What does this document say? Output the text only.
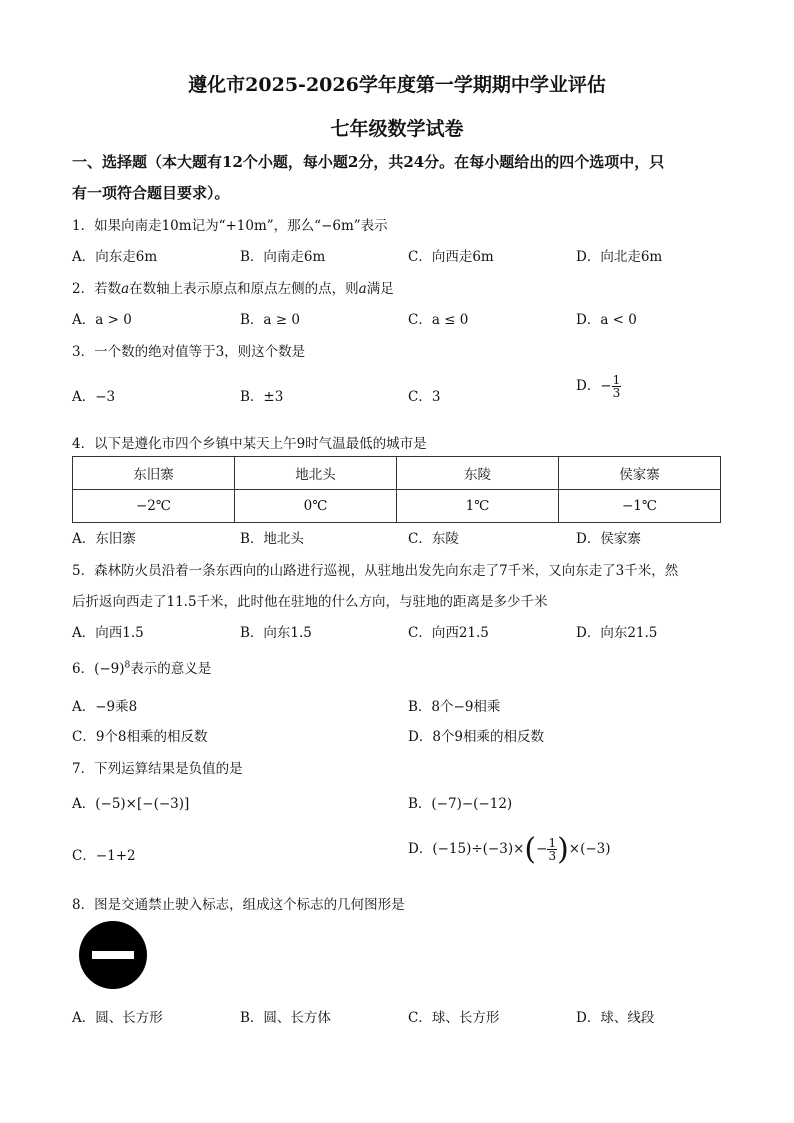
遵化市2025-2026学年度第一学期期中学业评估
七年级数学试卷
一、选择题（本大题有12个小题，每小题2分，共24分。在每小题给出的四个选项中，只
有一项符合题目要求）。
1．如果向南走10m记为“+10m”，那么“−6m”表示
A．向东走6m	B．向南走6m	C．向西走6m	D．向北走6m
2．若数a在数轴上表示原点和原点左侧的点，则a满足
A．a > 0	B．a ≥ 0	C．a ≤ 0	D．a < 0
3．一个数的绝对值等于3，则这个数是
A．−3	B．±3	C．3
D．− $\frac{1}{3}$
4．以下是遵化市四个乡镇中某天上午9时气温最低的城市是
东旧寨	地北头	东陵	侯家寨
−2℃	0℃	1℃	−1℃
A．东旧寨	B．地北头	C．东陵	D．侯家寨
5．森林防火员沿着一条东西向的山路进行巡视，从驻地出发先向东走了7千米，又向东走了3千米，然
后折返向西走了11.5千米，此时他在驻地的什么方向，与驻地的距离是多少千米
A．向西1.5	B．向东1.5	C．向西21.5	D．向东21.5
6．$(-9)^8$表示的意义是
A．−9乘8	B．8个−9相乘
C．9个8相乘的相反数	D．8个9相乘的相反数
7．下列运算结果是负值的是
A．(−5)×[−(−3)]	B．(−7)−(−12)
C．−1+2	D．$(-15)\div(-3)\times(- \frac{1}{3} )\times(-3)$
8．图是交通禁止驶入标志，组成这个标志的几何图形是
A．圆、长方形	B．圆、长方体	C．球、长方形	D．球、线段
